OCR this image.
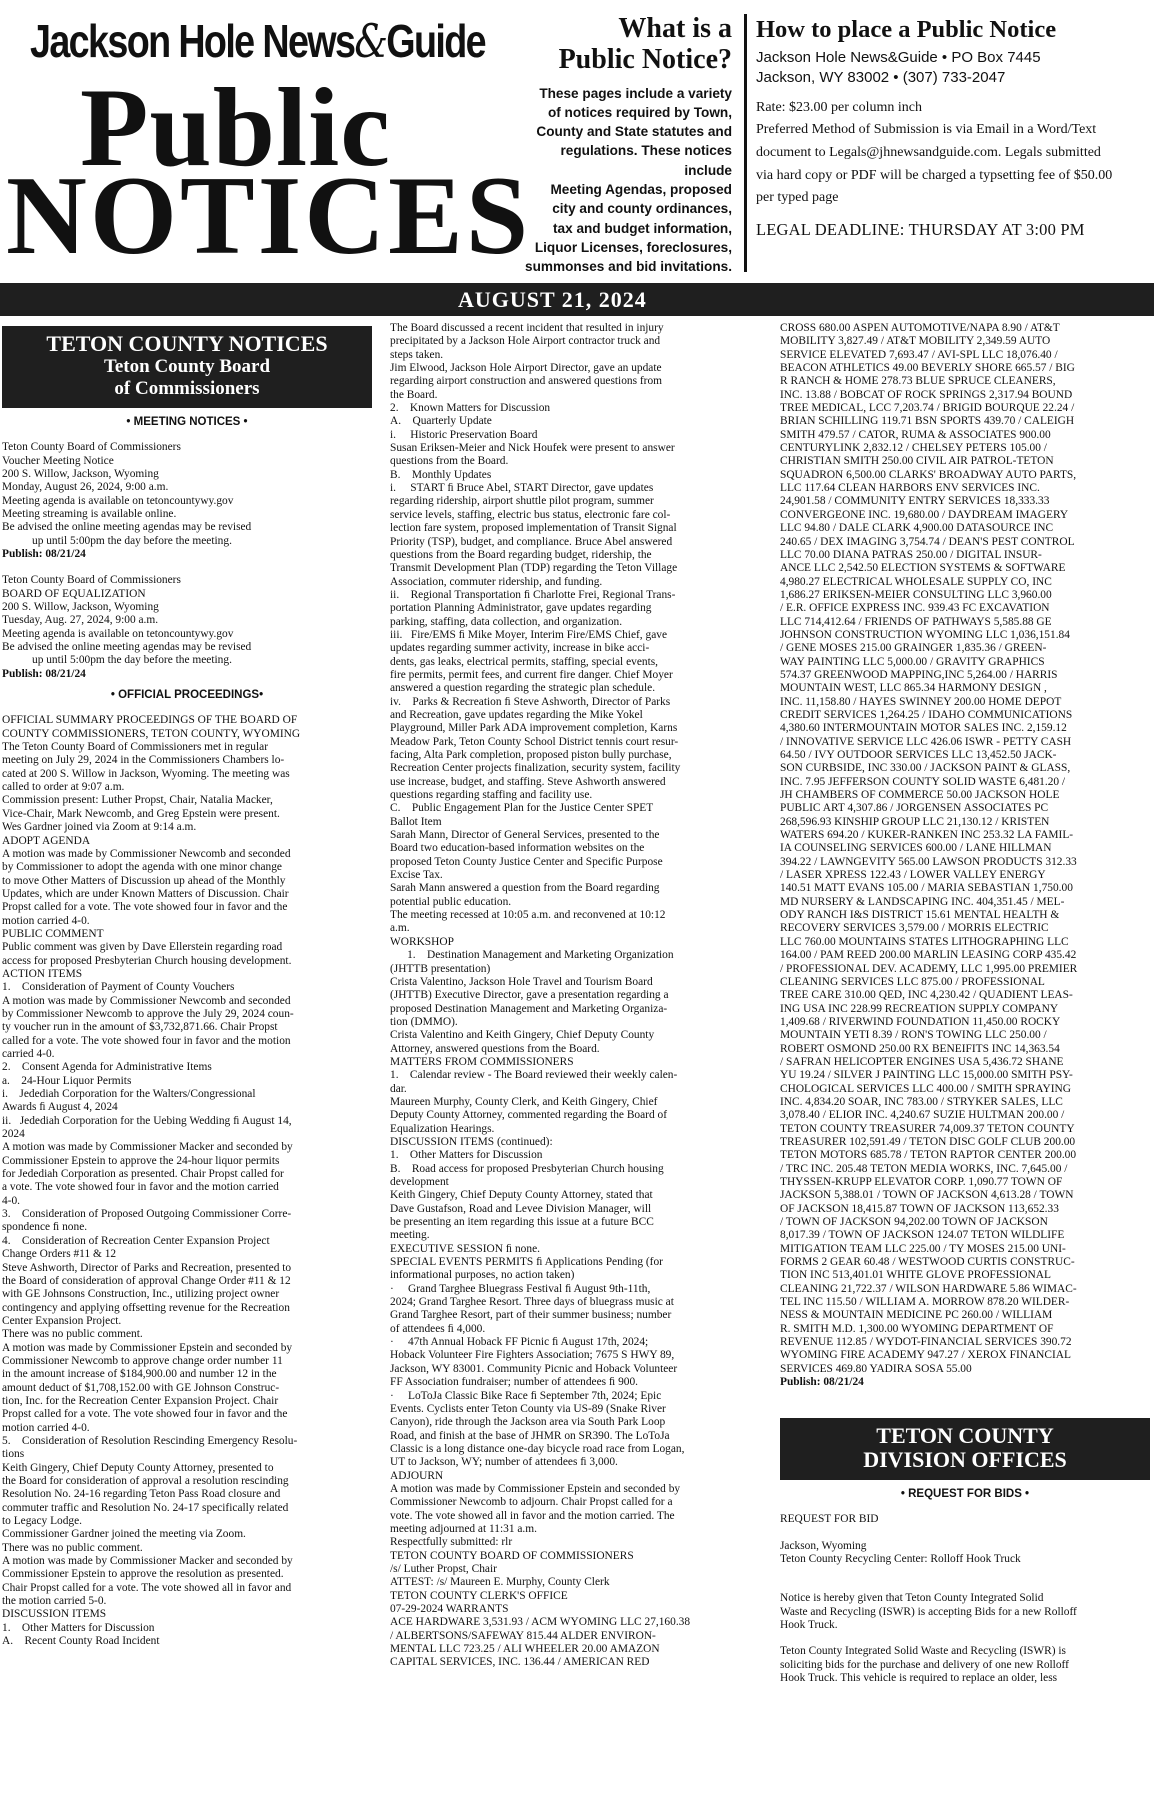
Jackson Hole News&Guide
Public
NOTICES
What is a
Public Notice?
These pages include a variety
of notices required by Town,
County and State statutes and
regulations. These notices include
Meeting Agendas, proposed
city and county ordinances,
tax and budget information,
Liquor Licenses, foreclosures,
summonses and bid invitations.
How to place a Public Notice
Jackson Hole News&Guide • PO Box 7445
Jackson, WY 83002 • (307) 733-2047
Rate: $23.00 per column inch
Preferred Method of Submission is via Email in a Word/Text
document to Legals@jhnewsandguide.com. Legals submitted
via hard copy or PDF will be charged a typsetting fee of $50.00
per typed page
LEGAL DEADLINE: THURSDAY AT 3:00 PM
AUGUST 21, 2024
TETON COUNTY NOTICES
Teton County Board
of Commissioners
• MEETING NOTICES •

Teton County Board of Commissioners

Voucher Meeting Notice

200 S. Willow, Jackson, Wyoming

Monday, August 26, 2024, 9:00 a.m.

Meeting agenda is available on tetoncountywy.gov

Meeting streaming is available online.

Be advised the online meeting agendas may be revised

up until 5:00pm the day before the meeting.

Publish: 08/21/24

Teton County Board of Commissioners

BOARD OF EQUALIZATION

200 S. Willow, Jackson, Wyoming

Tuesday, Aug. 27, 2024, 9:00 a.m.

Meeting agenda is available on tetoncountywy.gov

Be advised the online meeting agendas may be revised

up until 5:00pm the day before the meeting.

Publish: 08/21/24

• OFFICIAL PROCEEDINGS•

OFFICIAL SUMMARY PROCEEDINGS OF THE BOARD OF

COUNTY COMMISSIONERS, TETON COUNTY, WYOMING

The Teton County Board of Commissioners met in regular

meeting on July 29, 2024 in the Commissioners Chambers lo-

cated at 200 S. Willow in Jackson, Wyoming. The meeting was

called to order at 9:07 a.m.

Commission present: Luther Propst, Chair, Natalia Macker,

Vice-Chair, Mark Newcomb, and Greg Epstein were present.

Wes Gardner joined via Zoom at 9:14 a.m.

ADOPT AGENDA

A motion was made by Commissioner Newcomb and seconded

by Commissioner to adopt the agenda with one minor change

to move Other Matters of Discussion up ahead of the Monthly

Updates, which are under Known Matters of Discussion. Chair

Propst called for a vote. The vote showed four in favor and the

motion carried 4-0.

PUBLIC COMMENT

Public comment was given by Dave Ellerstein regarding road

access for proposed Presbyterian Church housing development.

ACTION ITEMS

1.    Consideration of Payment of County Vouchers

A motion was made by Commissioner Newcomb and seconded

by Commissioner Newcomb to approve the July 29, 2024 coun-

ty voucher run in the amount of $3,732,871.66. Chair Propst

called for a vote. The vote showed four in favor and the motion

carried 4-0.

2.    Consent Agenda for Administrative Items

a.    24-Hour Liquor Permits

i.    Jedediah Corporation for the Walters/Congressional

Awards ﬁ August 4, 2024

ii.   Jedediah Corporation for the Uebing Wedding ﬁ August 14,

2024

A motion was made by Commissioner Macker and seconded by

Commissioner Epstein to approve the 24-hour liquor permits

for Jedediah Corporation as presented. Chair Propst called for

a vote. The vote showed four in favor and the motion carried

4-0.

3.    Consideration of Proposed Outgoing Commissioner Corre-

spondence ﬁ none.

4.    Consideration of Recreation Center Expansion Project

Change Orders #11 & 12

Steve Ashworth, Director of Parks and Recreation, presented to

the Board of consideration of approval Change Order #11 & 12

with GE Johnsons Construction, Inc., utilizing project owner

contingency and applying offsetting revenue for the Recreation

Center Expansion Project.

There was no public comment.

A motion was made by Commissioner Epstein and seconded by

Commissioner Newcomb to approve change order number 11

in the amount increase of $184,900.00 and number 12 in the

amount deduct of $1,708,152.00 with GE Johnson Construc-

tion, Inc. for the Recreation Center Expansion Project. Chair

Propst called for a vote. The vote showed four in favor and the

motion carried 4-0.

5.    Consideration of Resolution Rescinding Emergency Resolu-

tions

Keith Gingery, Chief Deputy County Attorney, presented to

the Board for consideration of approval a resolution rescinding

Resolution No. 24-16 regarding Teton Pass Road closure and

commuter traffic and Resolution No. 24-17 specifically related

to Legacy Lodge.

Commissioner Gardner joined the meeting via Zoom.

There was no public comment.

A motion was made by Commissioner Macker and seconded by

Commissioner Epstein to approve the resolution as presented.

Chair Propst called for a vote. The vote showed all in favor and

the motion carried 5-0.

DISCUSSION ITEMS

1.    Other Matters for Discussion

A.    Recent County Road Incident

The Board discussed a recent incident that resulted in injury

precipitated by a Jackson Hole Airport contractor truck and

steps taken.

Jim Elwood, Jackson Hole Airport Director, gave an update

regarding airport construction and answered questions from

the Board.

2.    Known Matters for Discussion

A.    Quarterly Update

i.     Historic Preservation Board

Susan Eriksen-Meier and Nick Houfek were present to answer

questions from the Board.

B.    Monthly Updates

i.     START ﬁ Bruce Abel, START Director, gave updates

regarding ridership, airport shuttle pilot program, summer

service levels, staffing, electric bus status, electronic fare col-

lection fare system, proposed implementation of Transit Signal

Priority (TSP), budget, and compliance. Bruce Abel answered

questions from the Board regarding budget, ridership, the

Transmit Development Plan (TDP) regarding the Teton Village

Association, commuter ridership, and funding.

ii.    Regional Transportation ﬁ Charlotte Frei, Regional Trans-

portation Planning Administrator, gave updates regarding

parking, staffing, data collection, and organization.

iii.   Fire/EMS ﬁ Mike Moyer, Interim Fire/EMS Chief, gave

updates regarding summer activity, increase in bike acci-

dents, gas leaks, electrical permits, staffing, special events,

fire permits, permit fees, and current fire danger. Chief Moyer

answered a question regarding the strategic plan schedule.

iv.    Parks & Recreation ﬁ Steve Ashworth, Director of Parks

and Recreation, gave updates regarding the Mike Yokel

Playground, Miller Park ADA improvement completion, Karns

Meadow Park, Teton County School District tennis court resur-

facing, Alta Park completion, proposed piston bully purchase,

Recreation Center projects finalization, security system, facility

use increase, budget, and staffing. Steve Ashworth answered

questions regarding staffing and facility use.

C.    Public Engagement Plan for the Justice Center SPET

Ballot Item

Sarah Mann, Director of General Services, presented to the

Board two education-based information websites on the

proposed Teton County Justice Center and Specific Purpose

Excise Tax.

Sarah Mann answered a question from the Board regarding

potential public education.

The meeting recessed at 10:05 a.m. and reconvened at 10:12

a.m.

WORKSHOP

1.    Destination Management and Marketing Organization

(JHTTB presentation)

Crista Valentino, Jackson Hole Travel and Tourism Board

(JHTTB) Executive Director, gave a presentation regarding a

proposed Destination Management and Marketing Organiza-

tion (DMMO).

Crista Valentino and Keith Gingery, Chief Deputy County

Attorney, answered questions from the Board.

MATTERS FROM COMMISSIONERS

1.    Calendar review - The Board reviewed their weekly calen-

dar.

Maureen Murphy, County Clerk, and Keith Gingery, Chief

Deputy County Attorney, commented regarding the Board of

Equalization Hearings.

DISCUSSION ITEMS (continued):

1.    Other Matters for Discussion

B.    Road access for proposed Presbyterian Church housing

development

Keith Gingery, Chief Deputy County Attorney, stated that

Dave Gustafson, Road and Levee Division Manager, will

be presenting an item regarding this issue at a future BCC

meeting.

EXECUTIVE SESSION ﬁ none.

SPECIAL EVENTS PERMITS ﬁ Applications Pending (for

informational purposes, no action taken)

·     Grand Targhee Bluegrass Festival ﬁ August 9th-11th,

2024; Grand Targhee Resort. Three days of bluegrass music at

Grand Targhee Resort, part of their summer business; number

of attendees ﬁ 4,000.

·     47th Annual Hoback FF Picnic ﬁ August 17th, 2024;

Hoback Volunteer Fire Fighters Association; 7675 S HWY 89,

Jackson, WY 83001. Community Picnic and Hoback Volunteer

FF Association fundraiser; number of attendees ﬁ 900.

·     LoToJa Classic Bike Race ﬁ September 7th, 2024; Epic

Events. Cyclists enter Teton County via US-89 (Snake River

Canyon), ride through the Jackson area via South Park Loop

Road, and finish at the base of JHMR on SR390. The LoToJa

Classic is a long distance one-day bicycle road race from Logan,

UT to Jackson, WY; number of attendees ﬁ 3,000.

ADJOURN

A motion was made by Commissioner Epstein and seconded by

Commissioner Newcomb to adjourn. Chair Propst called for a

vote. The vote showed all in favor and the motion carried. The

meeting adjourned at 11:31 a.m.

Respectfully submitted: rlr

TETON COUNTY BOARD OF COMMISSIONERS

/s/ Luther Propst, Chair

ATTEST: /s/ Maureen E. Murphy, County Clerk

TETON COUNTY CLERK'S OFFICE

07-29-2024 WARRANTS

ACE HARDWARE 3,531.93 / ACM WYOMING LLC 27,160.38

/ ALBERTSONS/SAFEWAY 815.44 ALDER ENVIRON-

MENTAL LLC 723.25 / ALI WHEELER 20.00 AMAZON

CAPITAL SERVICES, INC. 136.44 / AMERICAN RED

CROSS 680.00 ASPEN AUTOMOTIVE/NAPA 8.90 / AT&T

MOBILITY 3,827.49 / AT&T MOBILITY 2,349.59 AUTO

SERVICE ELEVATED 7,693.47 / AVI-SPL LLC 18,076.40 /

BEACON ATHLETICS 49.00 BEVERLY SHORE 665.57 / BIG

R RANCH & HOME 278.73 BLUE SPRUCE CLEANERS,

INC. 13.88 / BOBCAT OF ROCK SPRINGS 2,317.94 BOUND

TREE MEDICAL, LCC 7,203.74 / BRIGID BOURQUE 22.24 /

BRIAN SCHILLING 119.71 BSN SPORTS 439.70 / CALEIGH

SMITH 479.57 / CATOR, RUMA & ASSOCIATES 900.00

CENTURYLINK 2,832.12 / CHELSEY PETERS 105.00 /

CHRISTIAN SMITH 250.00 CIVIL AIR PATROL-TETON

SQUADRON 6,500.00 CLARKS' BROADWAY AUTO PARTS,

LLC 117.64 CLEAN HARBORS ENV SERVICES INC.

24,901.58 / COMMUNITY ENTRY SERVICES 18,333.33

CONVERGEONE INC. 19,680.00 / DAYDREAM IMAGERY

LLC 94.80 / DALE CLARK 4,900.00 DATASOURCE INC

240.65 / DEX IMAGING 3,754.74 / DEAN'S PEST CONTROL

LLC 70.00 DIANA PATRAS 250.00 / DIGITAL INSUR-

ANCE LLC 2,542.50 ELECTION SYSTEMS & SOFTWARE

4,980.27 ELECTRICAL WHOLESALE SUPPLY CO, INC

1,686.27 ERIKSEN-MEIER CONSULTING LLC 3,960.00

/ E.R. OFFICE EXPRESS INC. 939.43 FC EXCAVATION

LLC 714,412.64 / FRIENDS OF PATHWAYS 5,585.88 GE

JOHNSON CONSTRUCTION WYOMING LLC 1,036,151.84

/ GENE MOSES 215.00 GRAINGER 1,835.36 / GREEN-

WAY PAINTING LLC 5,000.00 / GRAVITY GRAPHICS

574.37 GREENWOOD MAPPING,INC 5,264.00 / HARRIS

MOUNTAIN WEST, LLC 865.34 HARMONY DESIGN ,

INC. 11,158.80 / HAYES SWINNEY 200.00 HOME DEPOT

CREDIT SERVICES 1,264.25 / IDAHO COMMUNICATIONS

4,380.60 INTERMOUNTAIN MOTOR SALES INC. 2,159.12

/ INNOVATIVE SERVICE LLC 426.06 ISWR - PETTY CASH

64.50 / IVY OUTDOOR SERVICES LLC 13,452.50 JACK-

SON CURBSIDE, INC 330.00 / JACKSON PAINT & GLASS,

INC. 7.95 JEFFERSON COUNTY SOLID WASTE 6,481.20 /

JH CHAMBERS OF COMMERCE 50.00 JACKSON HOLE

PUBLIC ART 4,307.86 / JORGENSEN ASSOCIATES PC

268,596.93 KINSHIP GROUP LLC 21,130.12 / KRISTEN

WATERS 694.20 / KUKER-RANKEN INC 253.32 LA FAMIL-

IA COUNSELING SERVICES 600.00 / LANE HILLMAN

394.22 / LAWNGEVITY 565.00 LAWSON PRODUCTS 312.33

/ LASER XPRESS 122.43 / LOWER VALLEY ENERGY

140.51 MATT EVANS 105.00 / MARIA SEBASTIAN 1,750.00

MD NURSERY & LANDSCAPING INC. 404,351.45 / MEL-

ODY RANCH I&S DISTRICT 15.61 MENTAL HEALTH &

RECOVERY SERVICES 3,579.00 / MORRIS ELECTRIC

LLC 760.00 MOUNTAINS STATES LITHOGRAPHING LLC

164.00 / PAM REED 200.00 MARLIN LEASING CORP 435.42

/ PROFESSIONAL DEV. ACADEMY, LLC 1,995.00 PREMIER

CLEANING SERVICES LLC 875.00 / PROFESSIONAL

TREE CARE 310.00 QED, INC 4,230.42 / QUADIENT LEAS-

ING USA INC 228.99 RECREATION SUPPLY COMPANY

1,409.68 / RIVERWIND FOUNDATION 11,450.00 ROCKY

MOUNTAIN YETI 8.39 / RON'S TOWING LLC 250.00 /

ROBERT OSMOND 250.00 RX BENEIFITS INC 14,363.54

/ SAFRAN HELICOPTER ENGINES USA 5,436.72 SHANE

YU 19.24 / SILVER J PAINTING LLC 15,000.00 SMITH PSY-

CHOLOGICAL SERVICES LLC 400.00 / SMITH SPRAYING

INC. 4,834.20 SOAR, INC 783.00 / STRYKER SALES, LLC

3,078.40 / ELIOR INC. 4,240.67 SUZIE HULTMAN 200.00 /

TETON COUNTY TREASURER 74,009.37 TETON COUNTY

TREASURER 102,591.49 / TETON DISC GOLF CLUB 200.00

TETON MOTORS 685.78 / TETON RAPTOR CENTER 200.00

/ TRC INC. 205.48 TETON MEDIA WORKS, INC. 7,645.00 /

THYSSEN-KRUPP ELEVATOR CORP. 1,090.77 TOWN OF

JACKSON 5,388.01 / TOWN OF JACKSON 4,613.28 / TOWN

OF JACKSON 18,415.87 TOWN OF JACKSON 113,652.33

/ TOWN OF JACKSON 94,202.00 TOWN OF JACKSON

8,017.39 / TOWN OF JACKSON 124.07 TETON WILDLIFE

MITIGATION TEAM LLC 225.00 / TY MOSES 215.00 UNI-

FORMS 2 GEAR 60.48 / WESTWOOD CURTIS CONSTRUC-

TION INC 513,401.01 WHITE GLOVE PROFESSIONAL

CLEANING 21,722.37 / WILSON HARDWARE 5.86 WIMAC-

TEL INC 115.50 / WILLIAM A. MORROW 878.20 WILDER-

NESS & MOUNTAIN MEDICINE PC 260.00 / WILLIAM

R. SMITH M.D. 1,300.00 WYOMING DEPARTMENT OF

REVENUE 112.85 / WYDOT-FINANCIAL SERVICES 390.72

WYOMING FIRE ACADEMY 947.27 / XEROX FINANCIAL

SERVICES 469.80 YADIRA SOSA 55.00

Publish: 08/21/24

TETON COUNTY
DIVISION OFFICES
• REQUEST FOR BIDS •

REQUEST FOR BID

Jackson, Wyoming

Teton County Recycling Center: Rolloff Hook Truck

Notice is hereby given that Teton County Integrated Solid

Waste and Recycling (ISWR) is accepting Bids for a new Rolloff

Hook Truck.

Teton County Integrated Solid Waste and Recycling (ISWR) is

soliciting bids for the purchase and delivery of one new Rolloff

Hook Truck. This vehicle is required to replace an older, less
